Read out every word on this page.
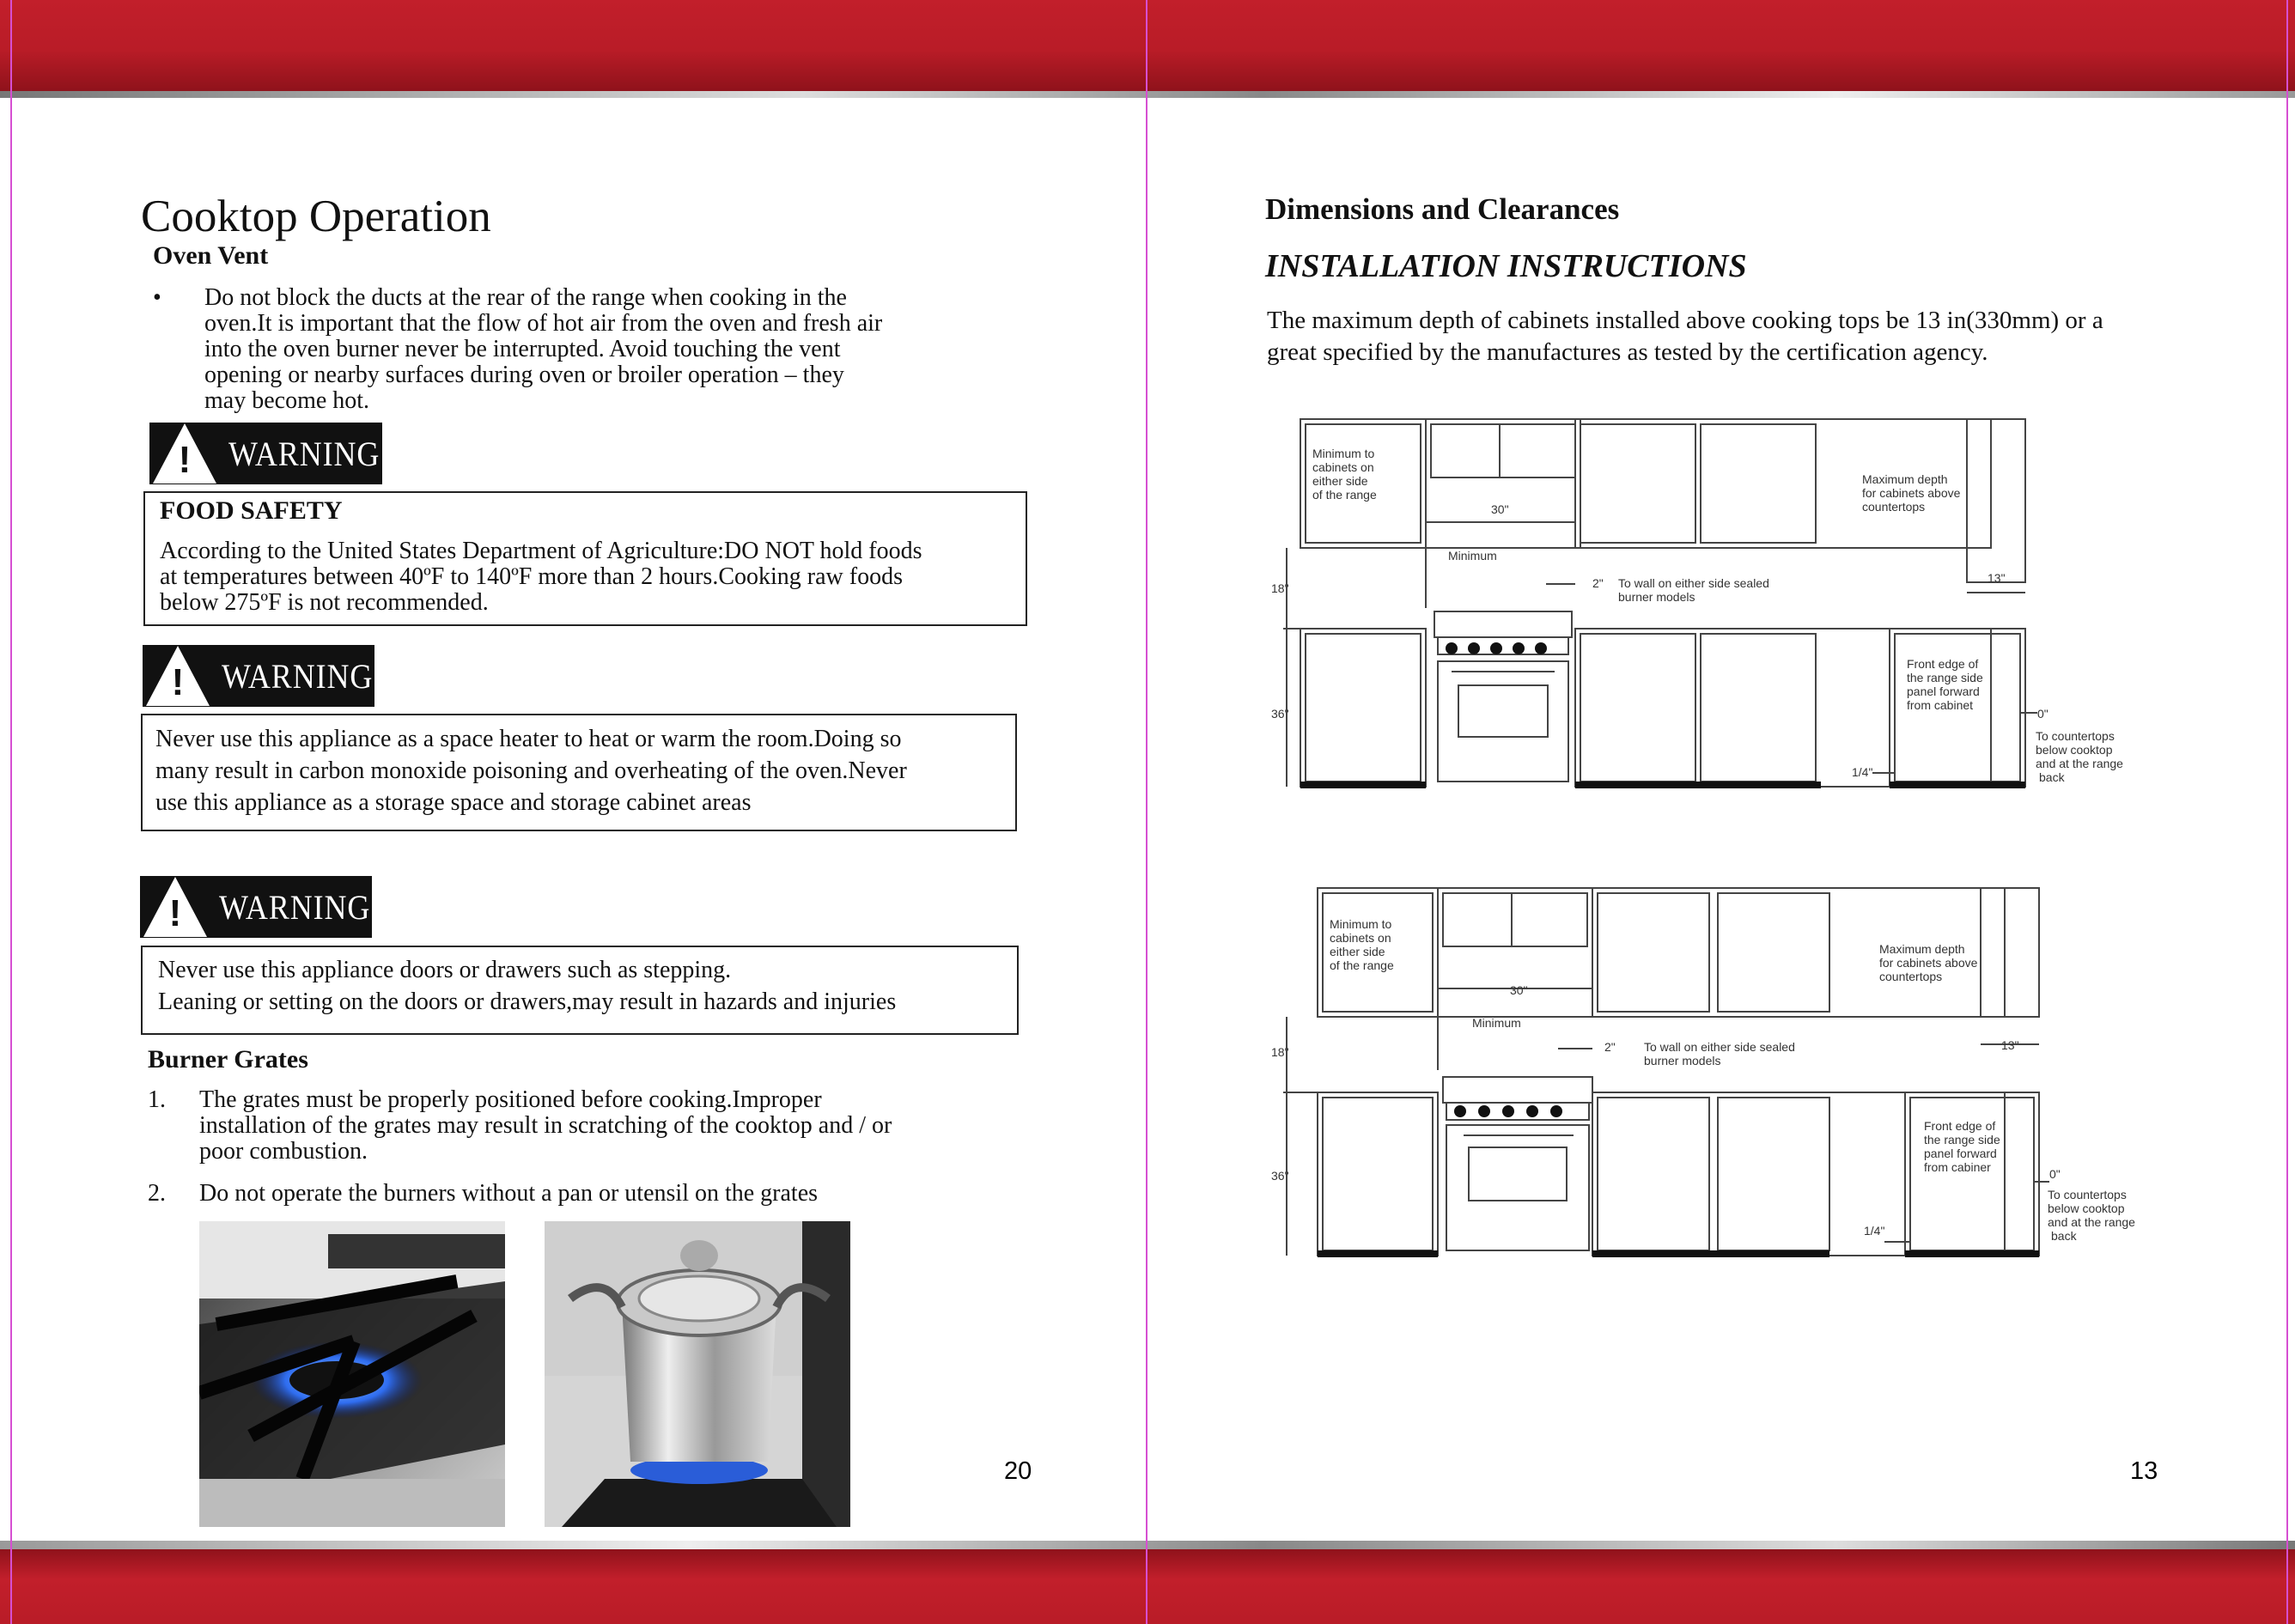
Cooktop Operation
Oven Vent
• Do not block the ducts at the rear of the range when cooking in the
oven.It is important that the flow of hot air from the oven and fresh air
into the oven burner never be interrupted. Avoid touching the vent
opening or nearby surfaces during oven or broiler operation – they
may become hot.
! WARNING
FOOD SAFETY
According to the United States Department of Agriculture:DO NOT hold foods
at temperatures between 40ºF to 140ºF more than 2 hours.Cooking raw foods
below 275ºF is not recommended.
! WARNING
Never use this appliance as a space heater to heat or warm the room.Doing so
many result in carbon monoxide poisoning and overheating of the oven.Never
use this appliance as a storage space and storage cabinet areas
! WARNING
Never use this appliance doors or drawers such as stepping.
Leaning or setting on the doors or drawers,may result in hazards and injuries
Burner Grates
1. The grates must be properly positioned before cooking.Improper
installation of the grates may result in scratching of the cooktop and / or
poor combustion.
2. Do not operate the burners without a pan or utensil on the grates
20
Dimensions and Clearances
INSTALLATION INSTRUCTIONS
The maximum depth of cabinets installed above cooking tops be 13 in(330mm) or a
great specified by the manufactures as tested by the certification agency.
Minimum to
cabinets on
either side
of the range
30"
Minimum
2" To wall on either side sealed
burner models
Maximum depth
for cabinets above
countertops
13"
18"
36"
Front edge of
the range side
panel forward
from cabinet
0"
To countertops
below cooktop
and at the range
back
1/4"
Minimum to
cabinets on
either side
of the range
30"
Minimum
2" To wall on either side sealed
burner models
Maximum depth
for cabinets above
countertops
13"
18"
36"
Front edge of
the range side
panel forward
from cabiner	0"
To countertops
below cooktop
and at the range
back
1/4"
13
